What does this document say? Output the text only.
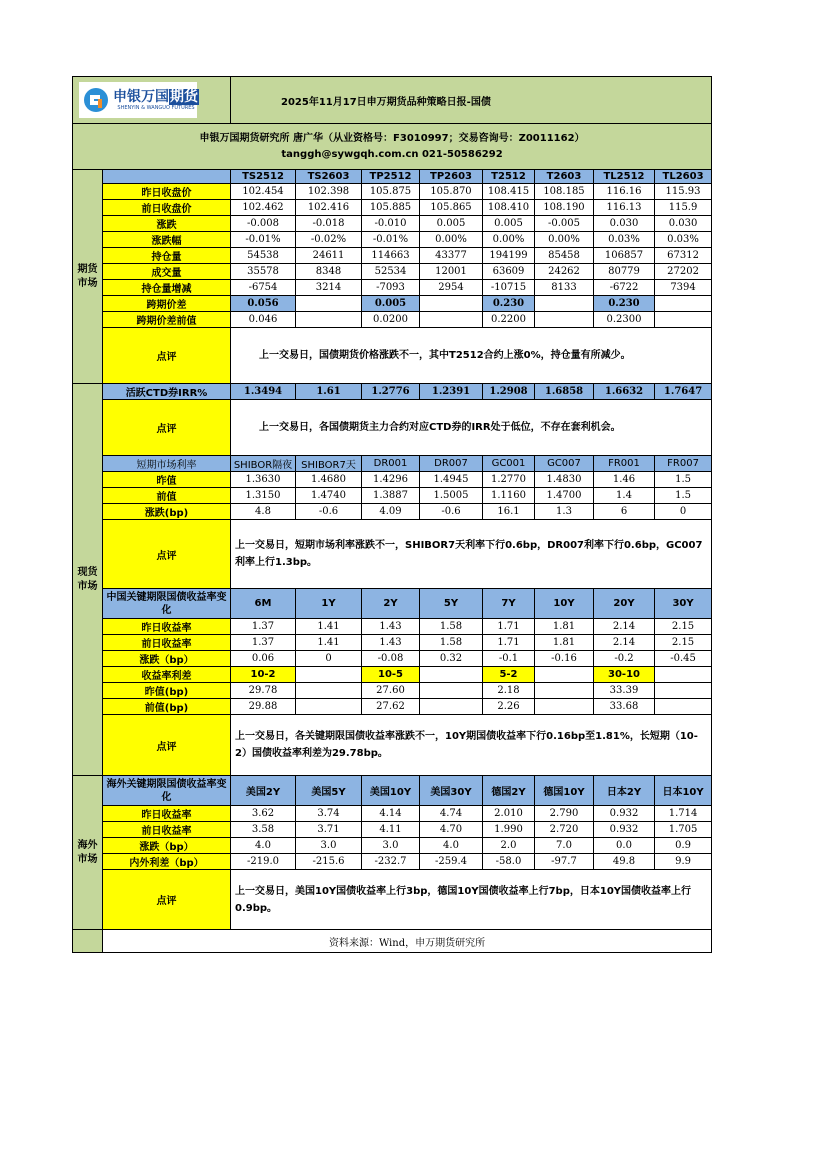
申银万国期货
SHENYIN & WANGUO FUTURES		2025年11月17日申万期货品种策略日报-国债							

申银万国期货研究所 唐广华（从业资格号：F3010997；交易咨询号：Z0011162）
tanggh@sywgqh.com.cn 021-50586292									

期货市场		TS2512	TS2603	TP2512	TP2603	T2512	T2603	TL2512	TL2603
	昨日收盘价	102.454	102.398	105.875	105.870	108.415	108.185	116.16	115.93
	前日收盘价	102.462	102.416	105.885	105.865	108.410	108.190	116.13	115.9
	涨跌	-0.008	-0.018	-0.010	0.005	0.005	-0.005	0.030	0.030
	涨跌幅	-0.01%	-0.02%	-0.01%	0.00%	0.00%	0.00%	0.03%	0.03%
	持仓量	54538	24611	114663	43377	194199	85458	106857	67312
	成交量	35578	8348	52534	12001	63609	24262	80779	27202
	持仓量增减	-6754	3214	-7093	2954	-10715	8133	-6722	7394
	跨期价差	0.056		0.005		0.230		0.230	
	跨期价差前值	0.046		0.0200		0.2200		0.2300	
	点评	上一交易日，国债期货价格涨跌不一，其中T2512合约上涨0%，持仓量有所减少。							
现货市场	活跃CTD券IRR%	1.3494	1.61	1.2776	1.2391	1.2908	1.6858	1.6632	1.7647
	点评	上一交易日，各国债期货主力合约对应CTD券的IRR处于低位，不存在套利机会。							
	短期市场利率	SHIBOR隔夜	SHIBOR7天	DR001	DR007	GC001	GC007	FR001	FR007
	昨值	1.3630	1.4680	1.4296	1.4945	1.2770	1.4830	1.46	1.5
	前值	1.3150	1.4740	1.3887	1.5005	1.1160	1.4700	1.4	1.5
	涨跌(bp)	4.8	-0.6	4.09	-0.6	16.1	1.3	6	0
	点评	上一交易日，短期市场利率涨跌不一，SHIBOR7天利率下行0.6bp，DR007利率下行0.6bp，GC007利率上行1.3bp。							
	中国关键期限国债收益率变化	6M	1Y	2Y	5Y	7Y	10Y	20Y	30Y
	昨日收益率	1.37	1.41	1.43	1.58	1.71	1.81	2.14	2.15
	前日收益率	1.37	1.41	1.43	1.58	1.71	1.81	2.14	2.15
	涨跌（bp）	0.06	0	-0.08	0.32	-0.1	-0.16	-0.2	-0.45
	收益率利差	10-2		10-5		5-2		30-10	
	昨值(bp)	29.78		27.60		2.18		33.39	
	前值(bp)	29.88		27.62		2.26		33.68	
	点评	上一交易日，各关键期限国债收益率涨跌不一，10Y期国债收益率下行0.16bp至1.81%，长短期（10-2）国债收益率利差为29.78bp。							
海外市场	海外关键期限国债收益率变化	美国2Y	美国5Y	美国10Y	美国30Y	德国2Y	德国10Y	日本2Y	日本10Y
	昨日收益率	3.62	3.74	4.14	4.74	2.010	2.790	0.932	1.714
	前日收益率	3.58	3.71	4.11	4.70	1.990	2.720	0.932	1.705
	涨跌（bp）	4.0	3.0	3.0	4.0	2.0	7.0	0.0	0.9
	内外利差（bp）	-219.0	-215.6	-232.7	-259.4	-58.0	-97.7	49.8	9.9
	点评	上一交易日，美国10Y国债收益率上行3bp，德国10Y国债收益率上行7bp，日本10Y国债收益率上行0.9bp。							
	资料来源：Wind，申万期货研究所								
